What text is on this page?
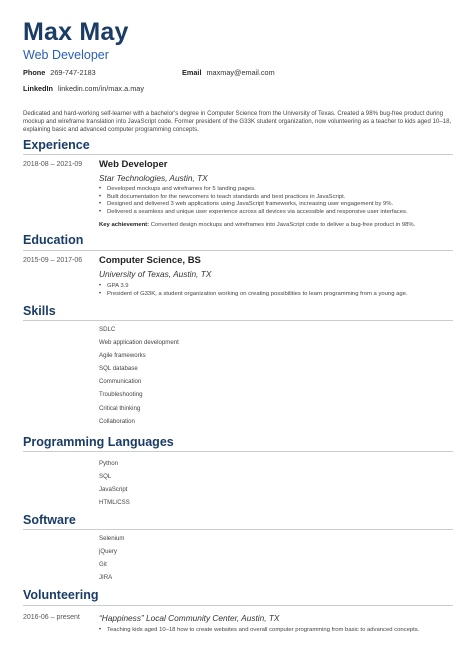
Max May
Web Developer
Phone 269-747-2183	Email maxmay@email.com
LinkedIn linkedin.com/in/max.a.may
Dedicated and hard-working self-learner with a bachelor's degree in Computer Science from the University of Texas. Created a 98% bug-free product during mockup and wireframe translation into JavaScript code. Former president of the G33K student organization, now volunteering as a teacher to kids aged 10–18, explaining basic and advanced computer programming concepts.
Experience
2018-08 – 2021-09 Web Developer
Star Technologies, Austin, TX
• Developed mockups and wireframes for 5 landing pages.
• Built documentation for the newcomers to teach standards and best practices in JavaScript.
• Designed and delivered 3 web applications using JavaScript frameworks, increasing user engagement by 9%.
• Delivered a seamless and unique user experience across all devices via accessible and responsive user interfaces.
Key achievement: Converted design mockups and wireframes into JavaScript code to deliver a bug-free product in 98%.
Education
2015-09 – 2017-06 Computer Science, BS
University of Texas, Austin, TX
• GPA 3.9
• President of G33K, a student organization working on creating possibilities to learn programming from a young age.
Skills
SDLC
Web application development
Agile frameworks
SQL database
Communication
Troubleshooting
Critical thinking
Collaboration
Programming Languages
Python
SQL
JavaScript
HTML/CSS
Software
Selenium
jQuery
Git
JIRA
Volunteering
2016-06 – present “Happiness” Local Community Center, Austin, TX
• Teaching kids aged 10–18 how to create websites and overall computer programming from basic to advanced concepts.
